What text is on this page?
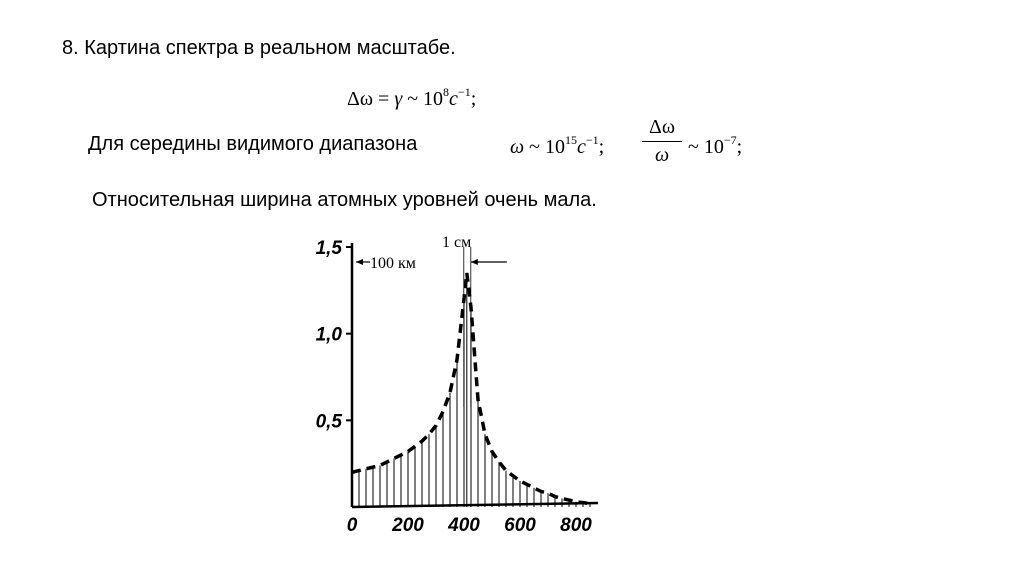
8. Картина спектра в реальном масштабе.
Δω = γ ~ $10^8c^{-1}$;
Для середины видимого диапазона	ω ~ $10^{15}c^{-1}$;
Δω
ω ~ $10^{-7}$;
Относительная ширина атомных уровней очень мала.
0 200 400 600 800
0,5
1,0
1,5
100 км
1 см
